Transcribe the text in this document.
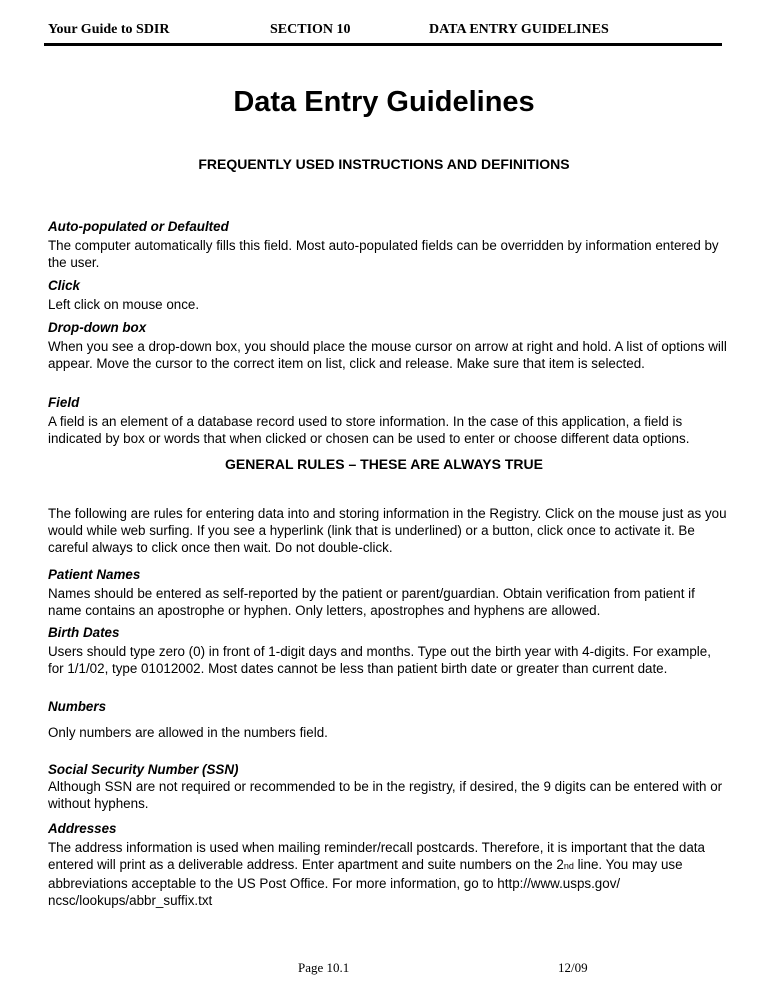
Your Guide to SDIR	SECTION 10	DATA ENTRY GUIDELINES
Data Entry Guidelines
FREQUENTLY USED INSTRUCTIONS AND DEFINITIONS

Auto-populated or Defaulted

The computer automatically fills this field. Most auto-populated fields can be overridden by information entered by the user.

Click

Left click on mouse once.

Drop-down box

When you see a drop-down box, you should place the mouse cursor on arrow at right and hold. A list of options will appear. Move the cursor to the correct item on list, click and release. Make sure that item is selected.

Field

A field is an element of a database record used to store information. In the case of this application, a field is indicated by box or words that when clicked or chosen can be used to enter or choose different data options.

GENERAL RULES – THESE ARE ALWAYS TRUE

The following are rules for entering data into and storing information in the Registry. Click on the mouse just as you would while web surfing. If you see a hyperlink (link that is underlined) or a button, click once to activate it. Be careful always to click once then wait. Do not double-click.

Patient Names

Names should be entered as self-reported by the patient or parent/guardian. Obtain verification from patient if name contains an apostrophe or hyphen. Only letters, apostrophes and hyphens are allowed.

Birth Dates

Users should type zero (0) in front of 1-digit days and months. Type out the birth year with 4-digits. For example, for 1/1/02, type 01012002. Most dates cannot be less than patient birth date or greater than current date.

Numbers

Only numbers are allowed in the numbers field.

Social Security Number (SSN)

Although SSN are not required or recommended to be in the registry, if desired, the 9 digits can be entered with or without hyphens.

Addresses

The address information is used when mailing reminder/recall postcards. Therefore, it is important that the data entered will print as a deliverable address. Enter apartment and suite numbers on the 2nd line. You may use abbreviations acceptable to the US Post Office. For more information, go to http://www.usps.gov/ ncsc/lookups/abbr_suffix.txt

Page 10.1	12/09
